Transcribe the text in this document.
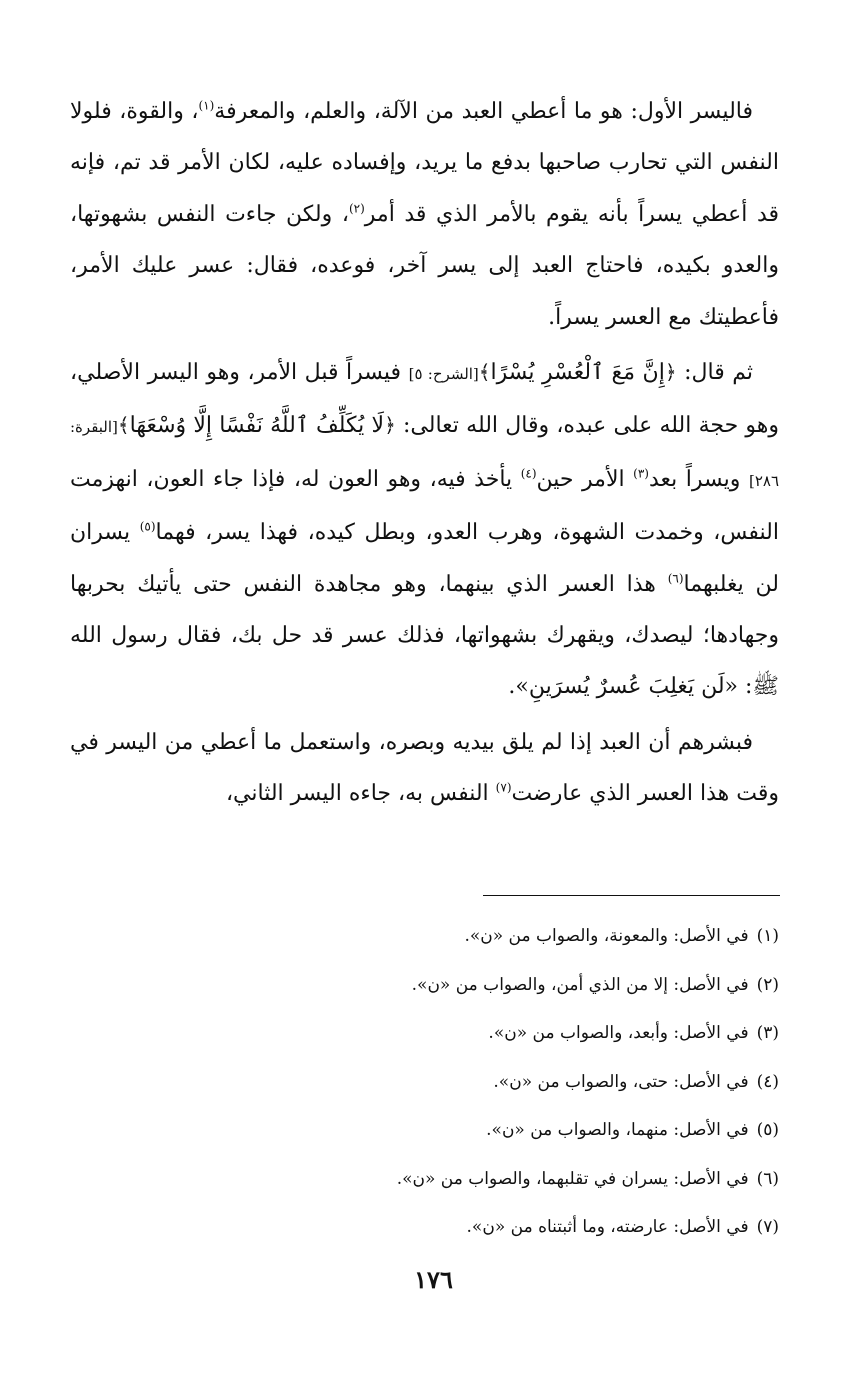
فاليسر الأول: هو ما أعطي العبد من الآلة، والعلم، والمعرفة$^{(١)}$، والقوة، فلولا النفس التي تحارب صاحبها بدفع ما يريد، وإفساده عليه، لكان الأمر قد تم، فإنه قد أعطي يسراً بأنه يقوم بالأمر الذي قد أمر$^{(٢)}$، ولكن جاءت النفس بشهوتها، والعدو بكيده، فاحتاج العبد إلى يسر آخر، فوعده، فقال: عسر عليك الأمر، فأعطيتك مع العسر يسراً.

ثم قال: ﴿إِنَّ مَعَ ٱلْعُسْرِ يُسْرًا﴾[الشرح: ٥] فيسراً قبل الأمر، وهو اليسر الأصلي، وهو حجة الله على عبده، وقال الله تعالى: ﴿لَا يُكَلِّفُ ٱللَّهُ نَفْسًا إِلَّا وُسْعَهَا﴾[البقرة: ٢٨٦] ويسراً بعد$^{(٣)}$ الأمر حين$^{(٤)}$ يأخذ فيه، وهو العون له، فإذا جاء العون، انهزمت النفس، وخمدت الشهوة، وهرب العدو، وبطل كيده، فهذا يسر، فهما$^{(٥)}$ يسران لن يغلبهما$^{(٦)}$ هذا العسر الذي بينهما، وهو مجاهدة النفس حتى يأتيك بحربها وجهادها؛ ليصدك، ويقهرك بشهواتها، فذلك عسر قد حل بك، فقال رسول الله ﷺ: «لَن يَغلِبَ عُسرٌ يُسرَينِ».

فبشرهم أن العبد إذا لم يلق بيديه وبصره، واستعمل ما أعطي من اليسر في وقت هذا العسر الذي عارضت$^{(٧)}$ النفس به، جاءه اليسر الثاني،

(١)في الأصل: والمعونة، والصواب من «ن».
(٢)في الأصل: إلا من الذي أمن، والصواب من «ن».
(٣)في الأصل: وأبعد، والصواب من «ن».
(٤)في الأصل: حتى، والصواب من «ن».
(٥)في الأصل: منهما، والصواب من «ن».
(٦)في الأصل: يسران في تقلبهما، والصواب من «ن».
(٧)في الأصل: عارضته، وما أثبتناه من «ن».
١٧٦
